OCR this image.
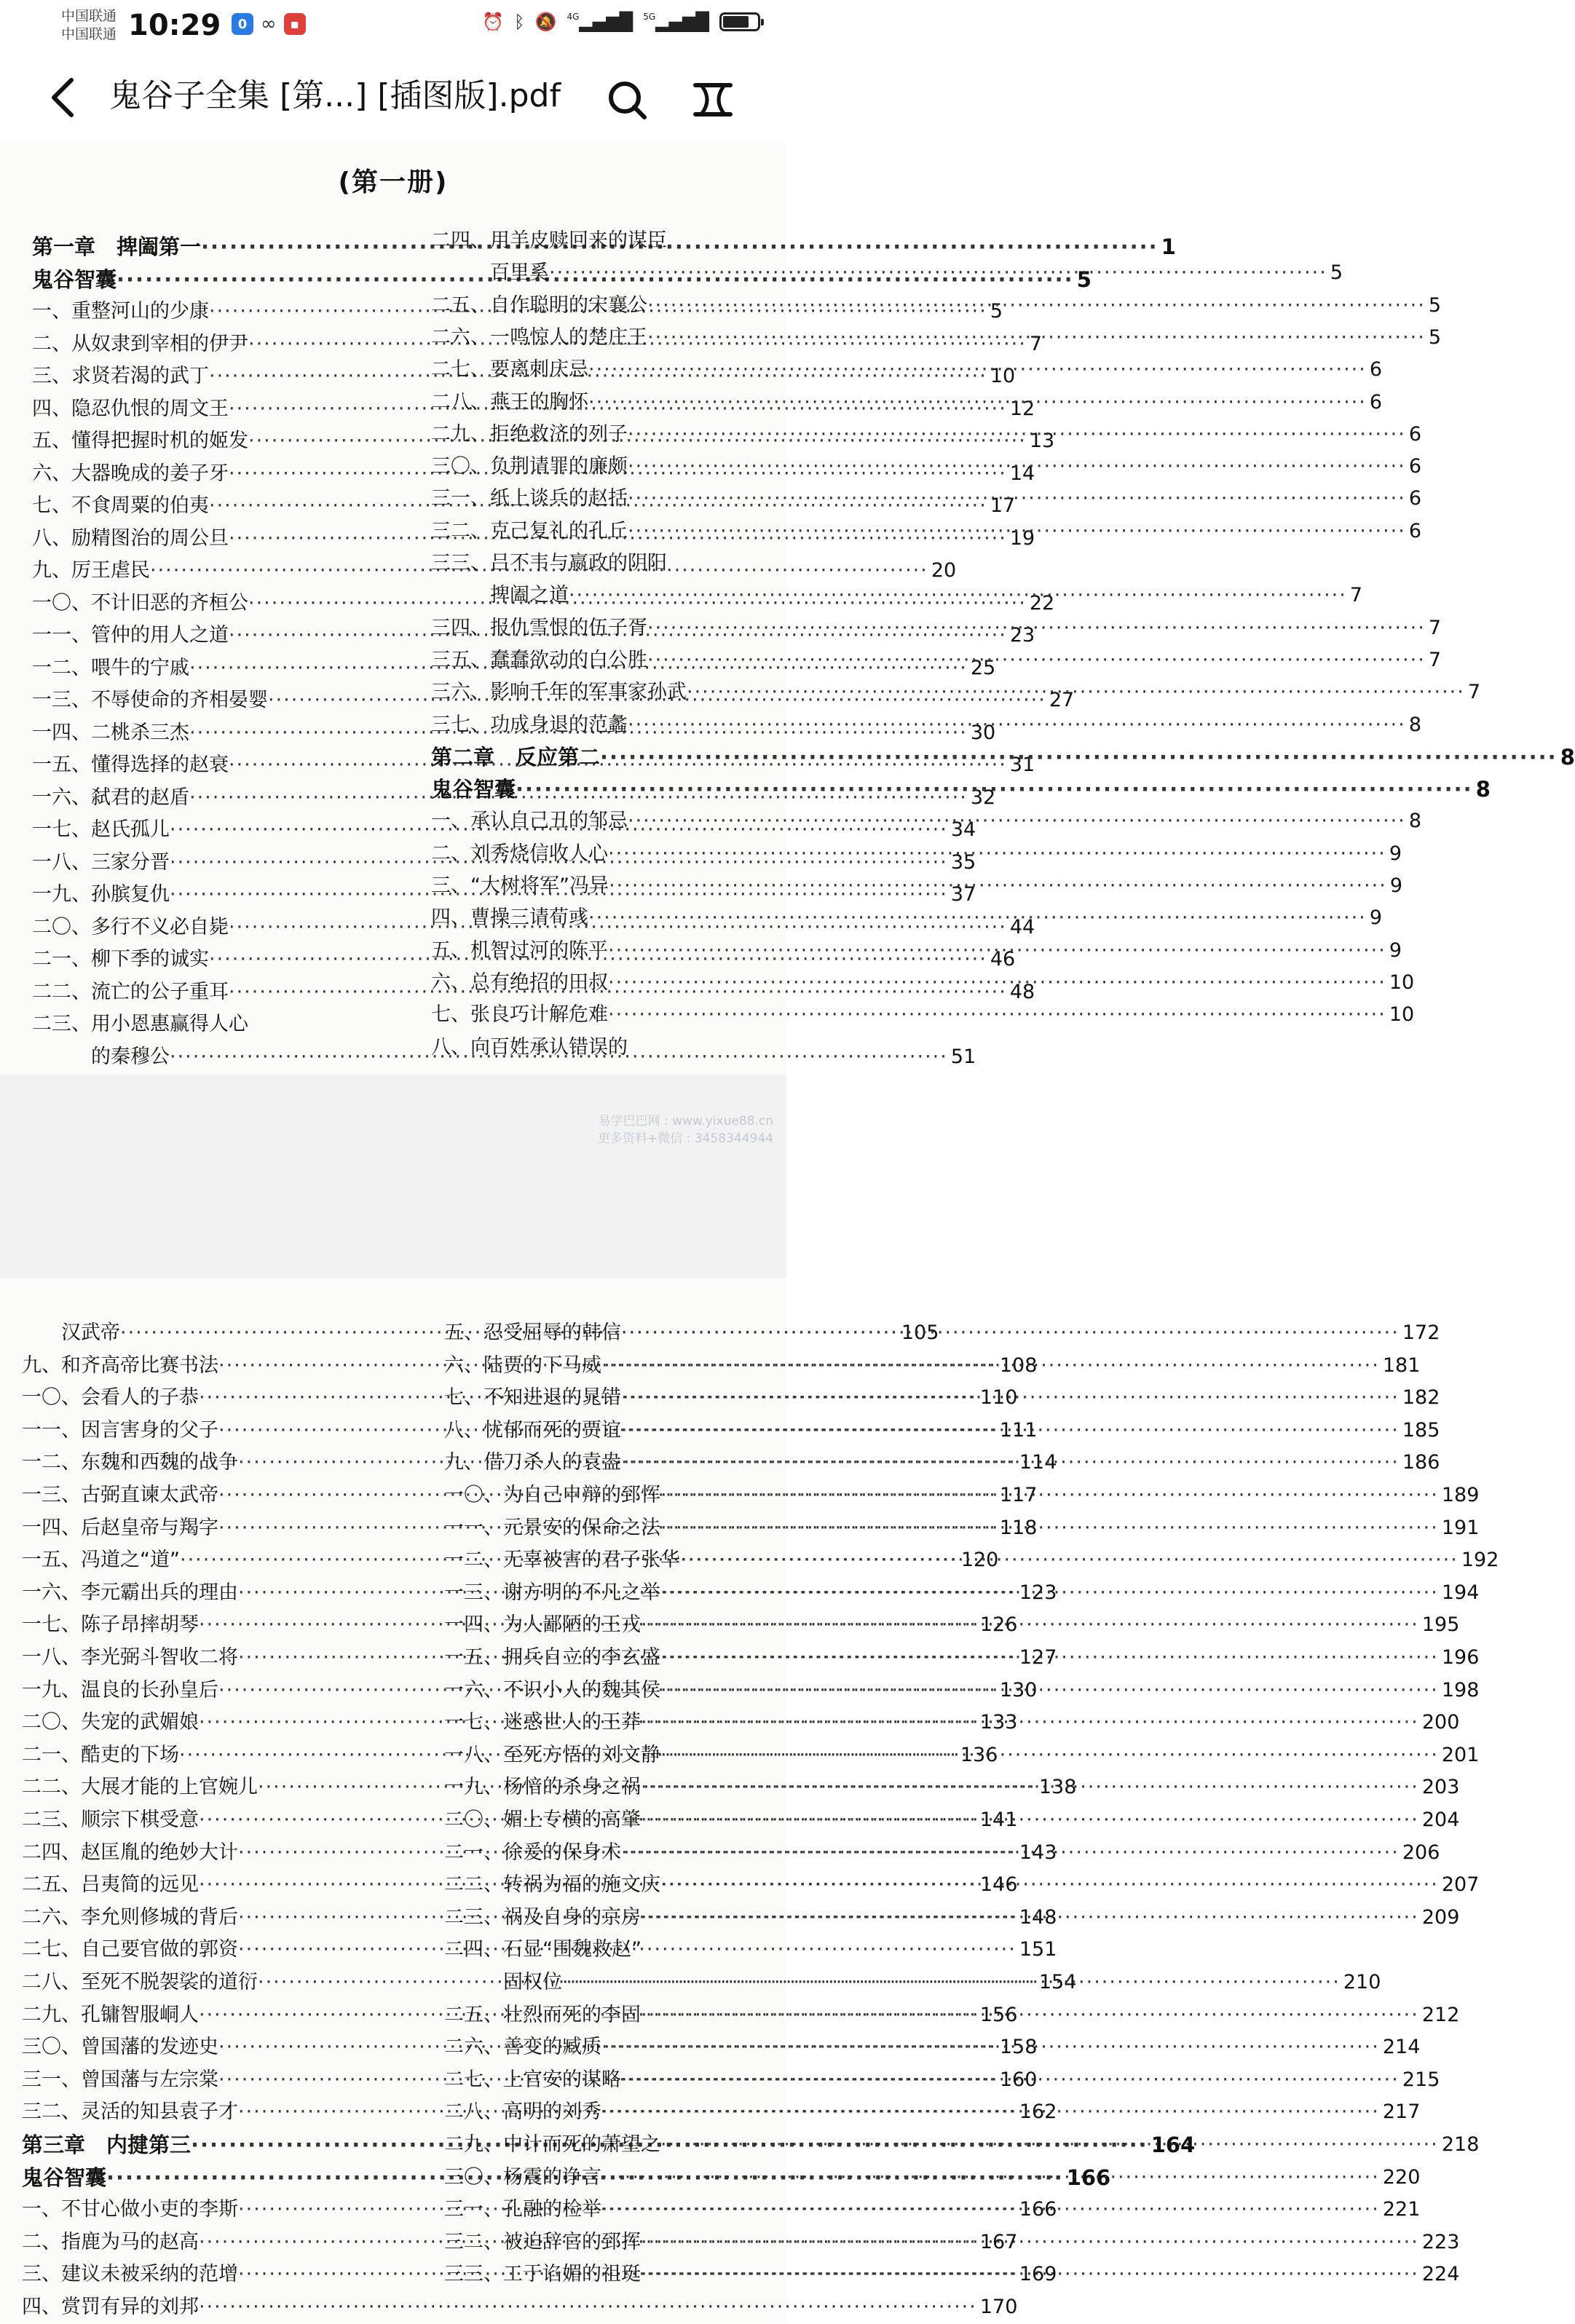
中国联通
中国联通 10:29	0 ∞	▪	⏰ ᛒ 🔕 $^{4G}$▂▄▆█ $^{5G}$▂▄▆█
鬼谷子全集 [第...] [插图版].pdf

(第一册)
第一章　捭阖第一 ·····	1
鬼谷智囊 ·····	5
一、重整河山的少康 ·····	5
二、从奴隶到宰相的伊尹 ·····	7
三、求贤若渴的武丁 ·····	10
四、隐忍仇恨的周文王 ·····	12
五、懂得把握时机的姬发 ·····	13
六、大器晚成的姜子牙 ·····	14
七、不食周粟的伯夷 ·····	17
八、励精图治的周公旦 ·····	19
九、厉王虐民 ·····	20
一〇、不计旧恶的齐桓公 ·····	22
一一、管仲的用人之道 ·····	23
一二、喂牛的宁戚 ·····	25
一三、不辱使命的齐相晏婴 ·····	27
一四、二桃杀三杰 ·····	30
一五、懂得选择的赵衰 ·····	31
一六、弑君的赵盾 ·····	32
一七、赵氏孤儿 ·····	34
一八、三家分晋 ·····	35
一九、孙膑复仇 ·····	37
二〇、多行不义必自毙 ·····	44
二一、柳下季的诚实 ·····	46
二二、流亡的公子重耳 ·····	48
二三、用小恩惠赢得人心
　　　的秦穆公 ·····	51
二四、用羊皮赎回来的谋臣
　　　百里奚 ·····	5
二五、自作聪明的宋襄公 ·····	5
二六、一鸣惊人的楚庄王 ·····	5
二七、要离刺庆忌 ·····	6
二八、燕王的胸怀 ·····	6
二九、拒绝救济的列子 ·····	6
三〇、负荆请罪的廉颇 ·····	6
三一、纸上谈兵的赵括 ·····	6
三二、克己复礼的孔丘 ·····	6
三三、吕不韦与嬴政的阴阳
　　　捭阖之道 ·····	7
三四、报仇雪恨的伍子胥 ·····	7
三五、蠢蠢欲动的白公胜 ·····	7
三六、影响千年的军事家孙武 ·····	7
三七、功成身退的范蠡 ·····	8
第二章　反应第二 ·····	8
鬼谷智囊 ·····	8
一、承认自己丑的邹忌 ·····	8
二、刘秀烧信收人心 ·····	9
三、“大树将军”冯异 ·····	9
四、曹操三请荀彧 ·····	9
五、机智过河的陈平 ·····	9
六、总有绝招的田叔 ·····	10
七、张良巧计解危难 ·····	10
八、向百姓承认错误的
易学巴巴网 : www.yixue88.cn
更多资料+微信 : 3458344944
　　汉武帝 ·····	105
九、和齐高帝比赛书法 ·····	108
一〇、会看人的子恭 ·····	110
一一、因言害身的父子 ·····	111
一二、东魏和西魏的战争 ·····	114
一三、古弼直谏太武帝 ·····	117
一四、后赵皇帝与羯字 ·····	118
一五、冯道之“道” ·····	120
一六、李元霸出兵的理由 ·····	123
一七、陈子昂摔胡琴 ·····	126
一八、李光弼斗智收二将 ·····	127
一九、温良的长孙皇后 ·····	130
二〇、失宠的武媚娘 ·····	133
二一、酷吏的下场 ·····	136
二二、大展才能的上官婉儿 ·····	138
二三、顺宗下棋受意 ·····	141
二四、赵匡胤的绝妙大计 ·····	143
二五、吕夷简的远见 ·····	146
二六、李允则修城的背后 ·····	148
二七、自己要官做的郭资 ·····	151
二八、至死不脱袈裟的道衍 ·····	154
二九、孔镛智服峒人 ·····	156
三〇、曾国藩的发迹史 ·····	158
三一、曾国藩与左宗棠 ·····	160
三二、灵活的知县袁子才 ·····	162
第三章　内揵第三 ·····	164
鬼谷智囊 ·····	166
一、不甘心做小吏的李斯 ·····	166
二、指鹿为马的赵高 ·····	167
三、建议未被采纳的范增 ·····	169
四、赏罚有异的刘邦 ·····	170
五、忍受屈辱的韩信 ·····	172
六、陆贾的下马威 ·····	181
七、不知进退的晁错 ·····	182
八、忧郁而死的贾谊 ·····	185
九、借刀杀人的袁盎 ·····	186
一〇、为自己申辩的郅恽 ·····	189
一一、元景安的保命之法 ·····	191
一二、无辜被害的君子张华 ·····	192
一三、谢方明的不凡之举 ·····	194
一四、为人鄙陋的王戎 ·····	195
一五、拥兵自立的李玄盛 ·····	196
一六、不识小人的魏其侯 ·····	198
一七、迷惑世人的王莽 ·····	200
一八、至死方悟的刘文静 ·····	201
一九、杨愔的杀身之祸 ·····	203
二〇、媚上专横的高肇 ·····	204
二一、徐爰的保身术 ·····	206
二二、转祸为福的施文庆 ·····	207
二三、祸及自身的京房 ·····	209
二四、石显“围魏救赵”
　　　固权位 ·····	210
二五、壮烈而死的李固 ·····	212
二六、善变的臧质 ·····	214
二七、上官安的谋略 ·····	215
二八、高明的刘秀 ·····	217
二九、中计而死的萧望之 ·····	218
三〇、杨震的诤言 ·····	220
三一、孔融的检举 ·····	221
三二、被迫辞官的郅挥 ·····	223
三三、工于谄媚的祖珽 ·····	224
